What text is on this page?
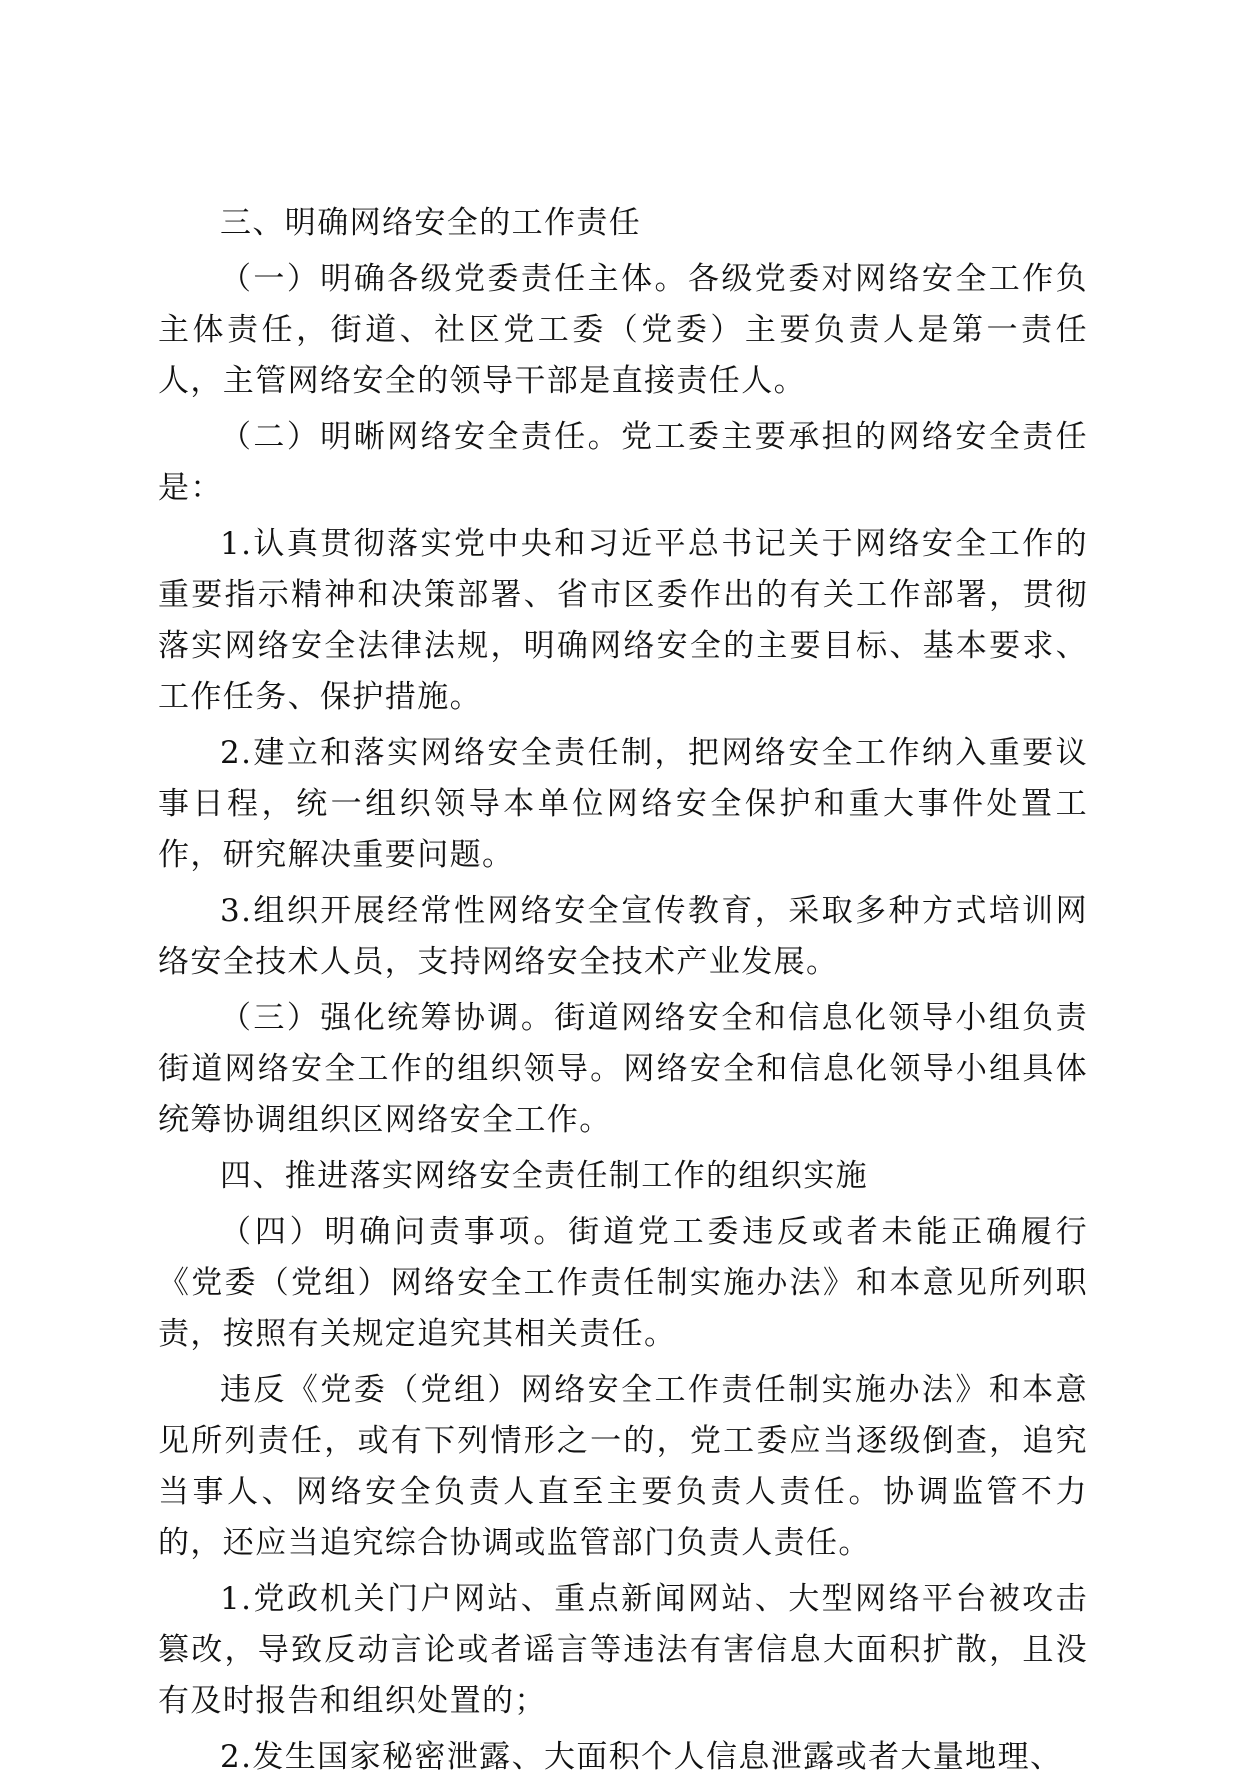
三、明确网络安全的工作责任

（一）明确各级党委责任主体。各级党委对网络安全工作负主体责任，街道、社区党工委（党委）主要负责人是第一责任人，主管网络安全的领导干部是直接责任人。

（二）明晰网络安全责任。党工委主要承担的网络安全责任是：

1.认真贯彻落实党中央和习近平总书记关于网络安全工作的重要指示精神和决策部署、省市区委作出的有关工作部署，贯彻落实网络安全法律法规，明确网络安全的主要目标、基本要求、工作任务、保护措施。

2.建立和落实网络安全责任制，把网络安全工作纳入重要议事日程，统一组织领导本单位网络安全保护和重大事件处置工作，研究解决重要问题。

3.组织开展经常性网络安全宣传教育，采取多种方式培训网络安全技术人员，支持网络安全技术产业发展。

（三）强化统筹协调。街道网络安全和信息化领导小组负责街道网络安全工作的组织领导。网络安全和信息化领导小组具体统筹协调组织区网络安全工作。

四、推进落实网络安全责任制工作的组织实施

（四）明确问责事项。街道党工委违反或者未能正确履行《党委（党组）网络安全工作责任制实施办法》和本意见所列职责，按照有关规定追究其相关责任。

违反《党委（党组）网络安全工作责任制实施办法》和本意见所列责任，或有下列情形之一的，党工委应当逐级倒查，追究当事人、网络安全负责人直至主要负责人责任。协调监管不力的，还应当追究综合协调或监管部门负责人责任。

1.党政机关门户网站、重点新闻网站、大型网络平台被攻击篡改，导致反动言论或者谣言等违法有害信息大面积扩散，且没有及时报告和组织处置的；

2.发生国家秘密泄露、大面积个人信息泄露或者大量地理、
